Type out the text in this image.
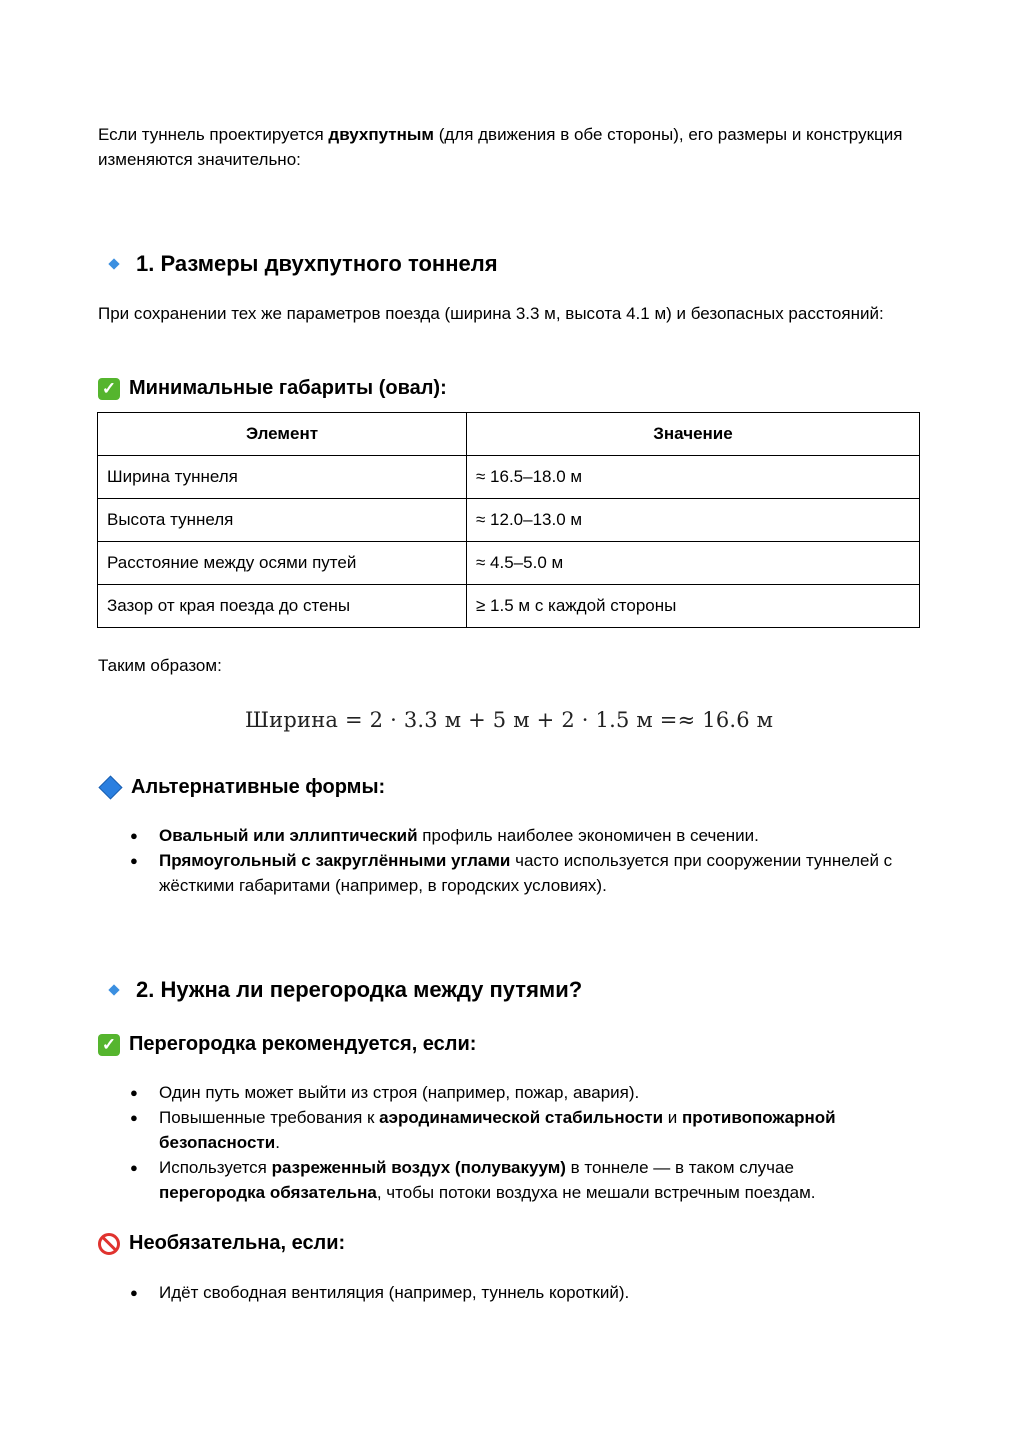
Если туннель проектируется двухпутным (для движения в обе стороны), его размеры и конструкция изменяются значительно:

1. Размеры двухпутного тоннеля

При сохранении тех же параметров поезда (ширина 3.3 м, высота 4.1 м) и безопасных расстояний:

✓ Минимальные габариты (овал):
Элемент	Значение
Ширина туннеля	≈ 16.5–18.0 м
Высота туннеля	≈ 12.0–13.0 м
Расстояние между осями путей	≈ 4.5–5.0 м
Зазор от края поезда до стены	≥ 1.5 м с каждой стороны

Таким образом:

Ширина = 2 · 3.3 м + 5 м + 2 · 1.5 м =≈ 16.6 м
Альтернативные формы:
● Овальный или эллиптический профиль наиболее экономичен в сечении.
● Прямоугольный с закруглёнными углами часто используется при сооружении туннелей с жёсткими габаритами (например, в городских условиях).
2. Нужна ли перегородка между путями?
✓ Перегородка рекомендуется, если:
● Один путь может выйти из строя (например, пожар, авария).
● Повышенные требования к аэродинамической стабильности и противопожарной безопасности.
● Используется разреженный воздух (полувакуум) в тоннеле — в таком случае перегородка обязательна, чтобы потоки воздуха не мешали встречным поездам.
Необязательна, если:
● Идёт свободная вентиляция (например, туннель короткий).
